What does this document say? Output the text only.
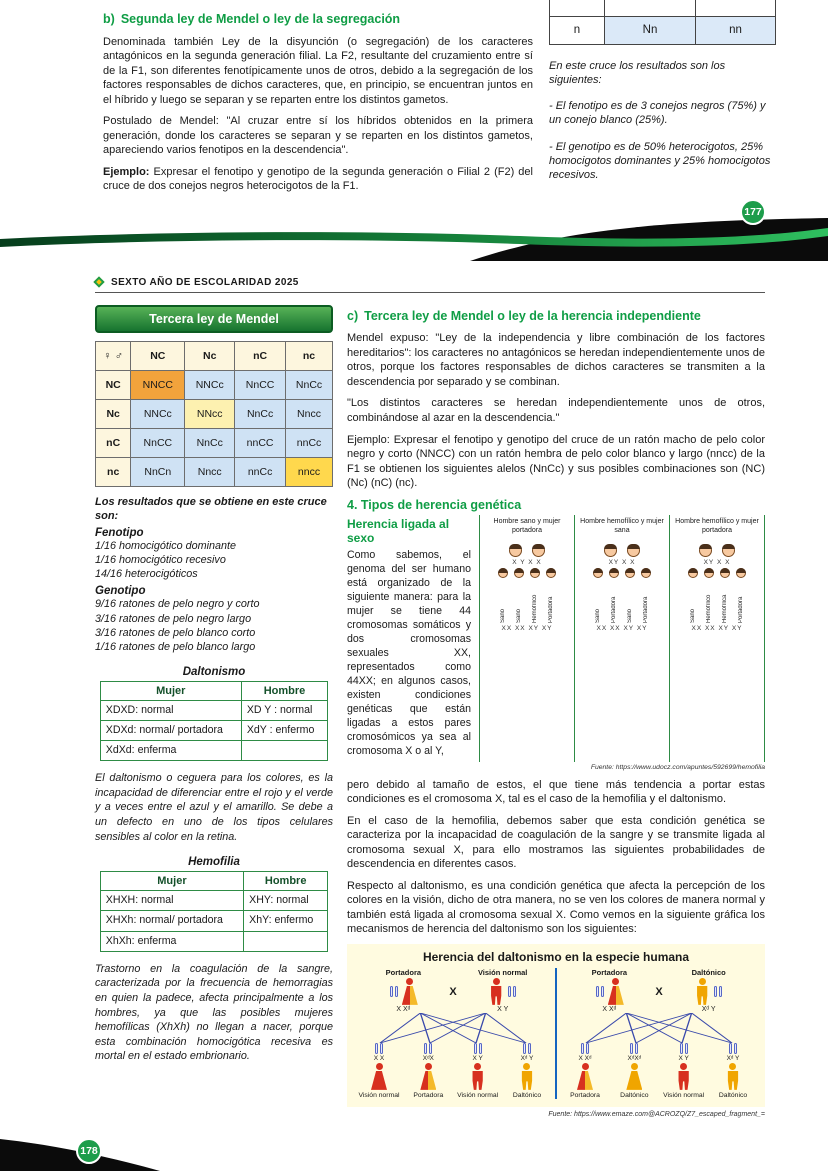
b) Segunda ley de Mendel o ley de la segregación

Denominada también Ley de la disyunción (o segregación) de los caracteres antagónicos en la segunda generación filial. La F2, resultante del cruzamiento entre sí de la F1, son diferentes fenotípicamente unos de otros, debido a la segregación de los factores responsables de dichos caracteres, que, en principio, se encuentran juntos en el híbrido y luego se separan y se reparten entre los distintos gametos.

Postulado de Mendel: "Al cruzar entre sí los híbridos obtenidos en la primera generación, donde los caracteres se separan y se reparten en los distintos gametos, apareciendo varios fenotipos en la descendencia".

Ejemplo: Expresar el fenotipo y genotipo de la segunda generación o Filial 2 (F2) del cruce de dos conejos negros heterocigotos de la F1.

n	Nn	nn

En este cruce los resultados son los siguientes:

- El fenotipo es de 3 conejos negros (75%) y un conejo blanco (25%).

- El genotipo es de 50% heterocigotos, 25% homocigotos dominantes y 25% homocigotos recesivos.

177
SEXTO AÑO DE ESCOLARIDAD 2025
Tercera ley de Mendel
♀ ♂	NC	Nc	nC	nc
NC	NNCC	NNCc	NnCC	NnCc
Nc	NNCc	NNcc	NnCc	Nncc
nC	NnCC	NnCc	nnCC	nnCc
nc	NnCn	Nncc	nnCc	nncc

Los resultados que se obtiene en este cruce son:

Fenotipo

1/16 homocigótico dominante

1/16 homocigótico recesivo

14/16 heterocigóticos

Genotipo

9/16 ratones de pelo negro y corto

3/16 ratones de pelo negro largo

3/16 ratones de pelo blanco corto

1/16 ratones de pelo blanco largo

Daltonismo
Mujer	Hombre
XDXD: normal	XD Y : normal
XDXd: normal/ portadora	XdY : enfermo
XdXd: enferma	

El daltonismo o ceguera para los colores, es la incapacidad de diferenciar entre el rojo y el verde y a veces entre el azul y el amarillo. Se debe a un defecto en uno de los tipos celulares sensibles al color en la retina.

Hemofilia
Mujer	Hombre
XHXH: normal	XHY: normal
XHXh: normal/ portadora	XhY: enfermo
XhXh: enferma	

Trastorno en la coagulación de la sangre, caracterizada por la frecuencia de hemorragias en quien la padece, afecta principalmente a los hombres, ya que las posibles mujeres hemofílicas (XhXh) no llegan a nacer, porque esta combinación homocigótica recesiva es mortal en el estado embrionario.

c) Tercera ley de Mendel o ley de la herencia independiente

Mendel expuso: "Ley de la independencia y libre combinación de los factores hereditarios": los caracteres no antagónicos se heredan independientemente unos de otros, porque los factores responsables de dichos caracteres se transmiten a la descendencia por separado y se combinan.

"Los distintos caracteres se heredan independientemente unos de otros, combinándose al azar en la descendencia."

Ejemplo: Expresar el fenotipo y genotipo del cruce de un ratón macho de pelo color negro y corto (NNCC) con un ratón hembra de pelo color blanco y largo (nncc) de la F1 se obtienen los siguientes alelos (NnCc) y sus posibles combinaciones son (NC) (Nc) (nC) (nc).

4. Tipos de herencia genética
Herencia ligada al sexo

Como sabemos, el genoma del ser humano está organizado de la siguiente manera: para la mujer se tiene 44 cromosomas somáticos y dos cromosomas sexuales XX, representados como 44XX; en algunos casos, existen condiciones genéticas que están ligadas a estos pares cromosómicos ya sea al cromosoma X o al Y,

Hombre sano y mujer portadora
X Y X X
Sano Sano Hemofílico Portadora
XX XX XY XY
Hombre hemofílico y mujer sana
XY X X
Sano Portadora Sano Portadora
XX XX XY XY
Hombre hemofílico y mujer portadora
XY X X
Sano Hemofílico Hemofílica Portadora
XX XX XY XY
Fuente: https://www.udocz.com/apuntes/592699/hemofilia

pero debido al tamaño de estos, el que tiene más tendencia a portar estas condiciones es el cromosoma X, tal es el caso de la hemofilia y el daltonismo.

En el caso de la hemofilia, debemos saber que esta condición genética se caracteriza por la incapacidad de coagulación de la sangre y se transmite ligada al cromosoma sexual X, para ello mostramos las siguientes probabilidades de descendencia en diferentes casos.

Respecto al daltonismo, es una condición genética que afecta la percepción de los colores en la visión, dicho de otra manera, no se ven los colores de manera normal y también está ligada al cromosoma sexual X. Como vemos en la siguiente gráfica los mecanismos de herencia del daltonismo son los siguientes:

Herencia del daltonismo en la especie humana
Portadora
X Xᵈ
X
Visión normal
X Y
X X
Visión normal
XᵈX
Portadora
X Y
Visión normal
Xᵈ Y
Daltónico
Portadora
X Xᵈ
X
Daltónico
Xᵈ Y
X Xᵈ
Portadora
XᵈXᵈ
Daltónico
X Y
Visión normal
Xᵈ Y
Daltónico
Fuente: https://www.emaze.com@ACROZQ/Z7_escaped_fragment_=
178
